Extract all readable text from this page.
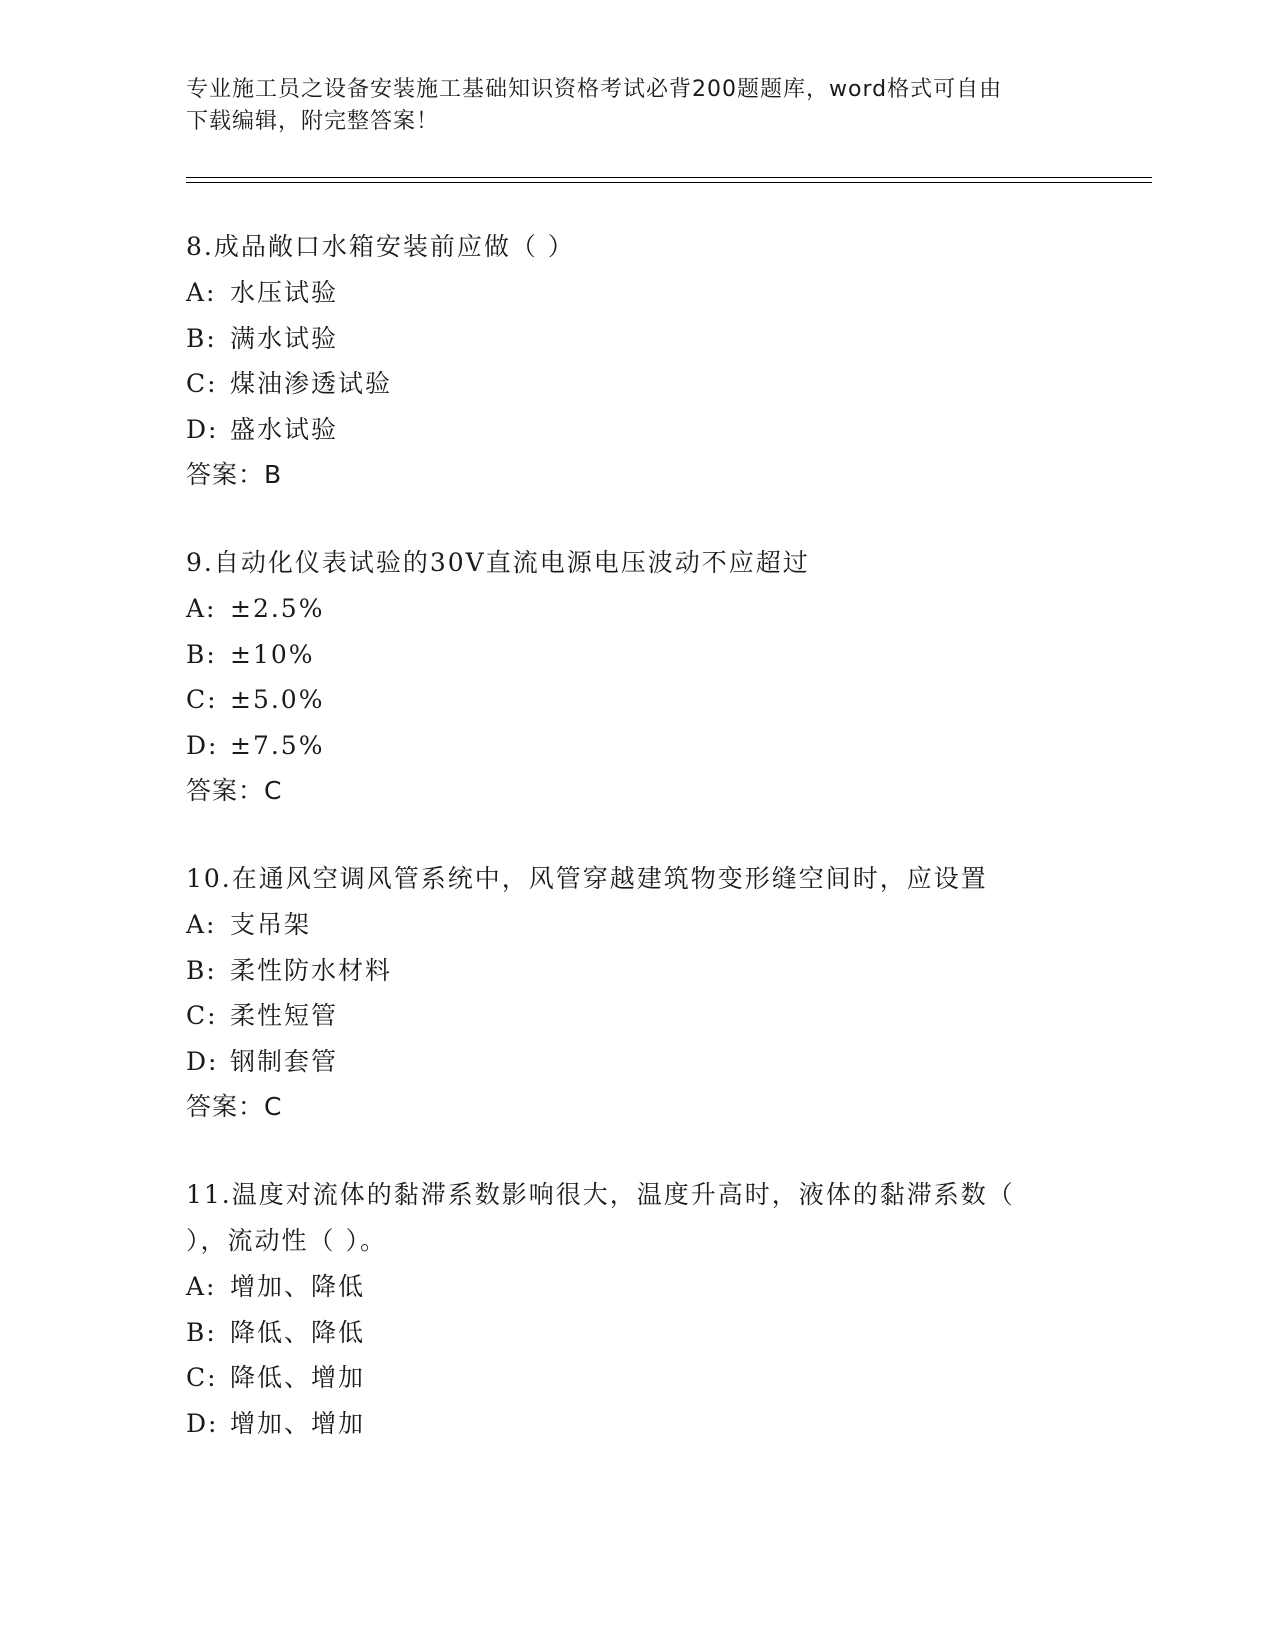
专业施工员之设备安装施工基础知识资格考试必背200题题库，word格式可自由
下载编辑，附完整答案！

8.成品敞口水箱安装前应做（ ）

A: 水压试验
B: 满水试验
C: 煤油渗透试验
D: 盛水试验
答案：B

9.自动化仪表试验的30V直流电源电压波动不应超过

A: ±2.5%
B: ±10%
C: ±5.0%
D: ±7.5%
答案：C

10.在通风空调风管系统中，风管穿越建筑物变形缝空间时，应设置

A: 支吊架
B: 柔性防水材料
C: 柔性短管
D: 钢制套管
答案：C

11.温度对流体的黏滞系数影响很大，温度升高时，液体的黏滞系数（

），流动性（ ）。

A: 增加、降低
B: 降低、降低
C: 降低、增加
D: 增加、增加
